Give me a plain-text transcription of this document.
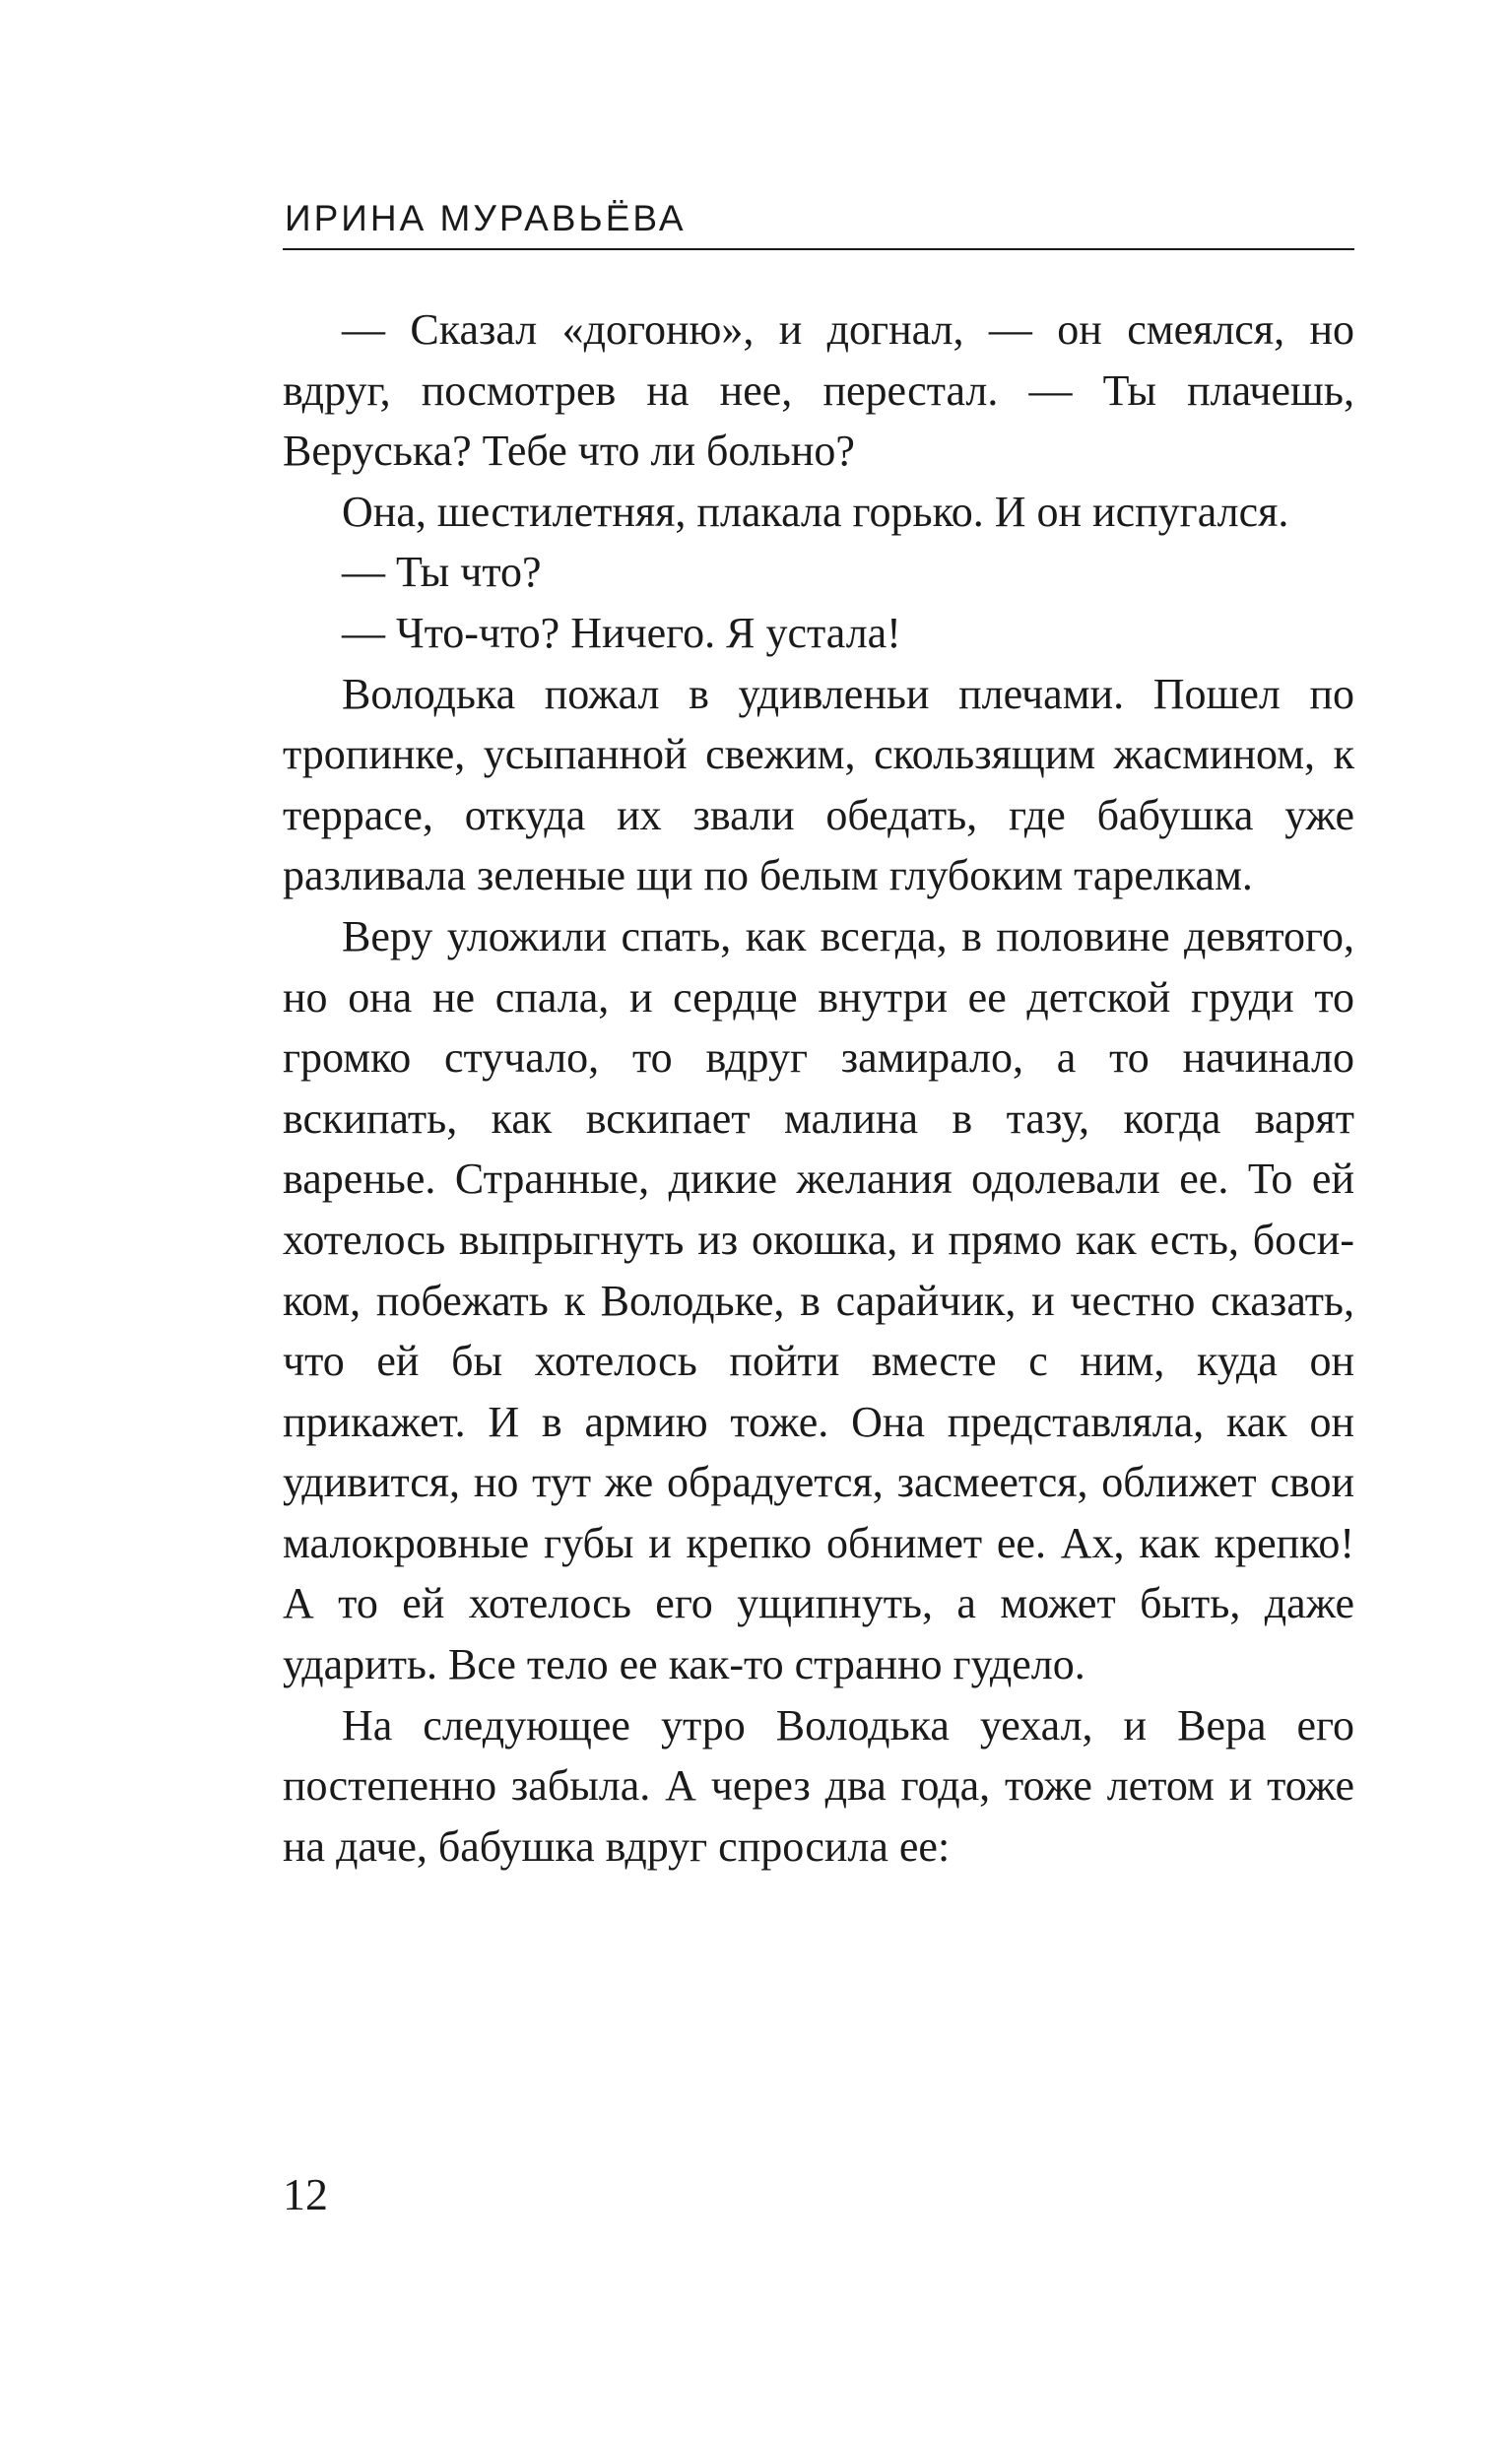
ИРИНА МУРАВЬЁВА

— Сказал «догоню», и догнал, — он смеялся, но вдруг, посмотрев на нее, перестал. — Ты плачешь, Веруська? Тебе что ли больно?

Она, шестилетняя, плакала горько. И он испугался.

— Ты что?

— Что-что? Ничего. Я устала!

Володька пожал в удивленьи плечами. Пошел по тропинке, усыпанной свежим, скользящим жасмином, к террасе, откуда их звали обедать, где бабушка уже разливала зеленые щи по белым глубоким тарелкам.

Веру уложили спать, как всегда, в половине девятого, но она не спала, и сердце внутри ее детской груди то громко стучало, то вдруг замирало, а то начинало вскипать, как вскипает малина в тазу, когда варят варенье. Странные, дикие желания одолевали ее. То ей хотелось выпрыгнуть из окошка, и прямо как есть, босиком, побежать к Володьке, в сарайчик, и честно сказать, что ей бы хотелось пойти вместе с ним, куда он прикажет. И в армию тоже. Она представляла, как он удивится, но тут же обрадуется, засмеется, оближет свои малокровные губы и крепко обнимет ее. Ах, как крепко! А то ей хотелось его ущипнуть, а может быть, даже ударить. Все тело ее как-то странно гудело.

На следующее утро Володька уехал, и Вера его постепенно забыла. А через два года, тоже летом и тоже на даче, бабушка вдруг спросила ее:

12
